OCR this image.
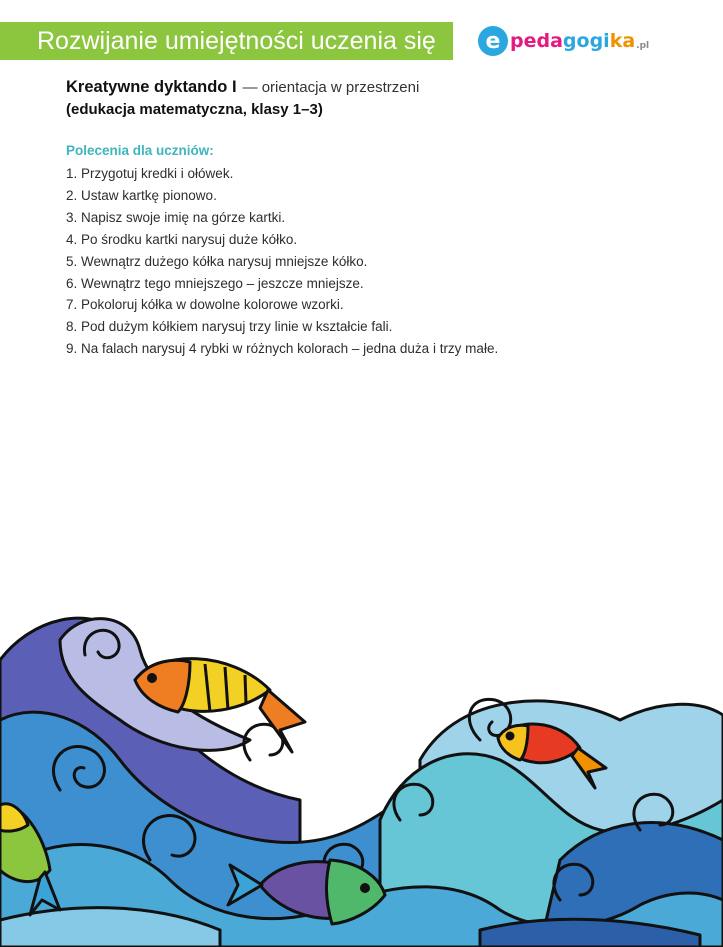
Rozwijanie umiejętności uczenia się	e peda gogi ka .pl
Kreatywne dyktando I — orientacja w przestrzeni
(edukacja matematyczna, klasy 1–3)
Polecenia dla uczniów:
1. Przygotuj kredki i ołówek.
2. Ustaw kartkę pionowo.
3. Napisz swoje imię na górze kartki.
4. Po środku kartki narysuj duże kółko.
5. Wewnątrz dużego kółka narysuj mniejsze kółko.
6. Wewnątrz tego mniejszego – jeszcze mniejsze.
7. Pokoloruj kółka w dowolne kolorowe wzorki.
8. Pod dużym kółkiem narysuj trzy linie w kształcie fali.
9. Na falach narysuj 4 rybki w różnych kolorach – jedna duża i trzy małe.
